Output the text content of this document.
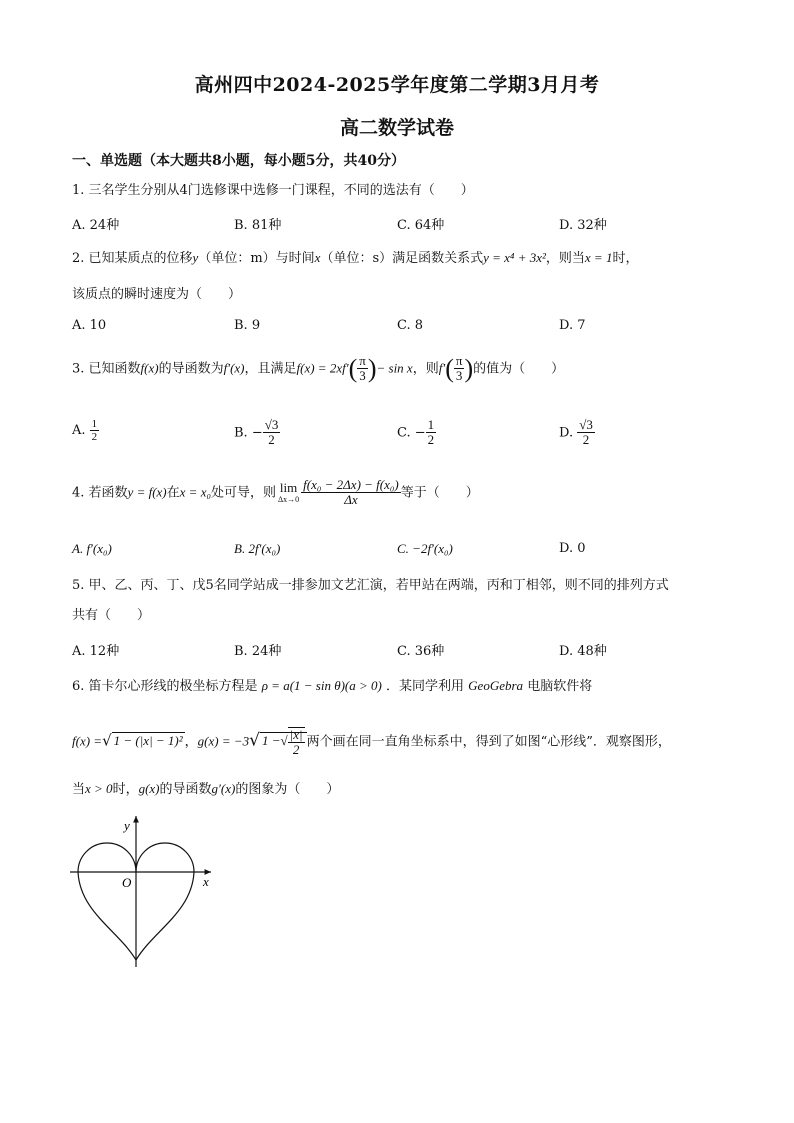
高州四中2024-2025学年度第二学期3月月考
高二数学试卷
一、单选题（本大题共8小题，每小题5分，共40分）
1. 三名学生分别从4门选修课中选修一门课程，不同的选法有（　　）
A. 24种	B. 81种	C. 64种	D. 32种
2. 已知某质点的位移y（单位：m）与时间x（单位：s）满足函数关系式y = x⁴ + 3x²，则当x = 1时，
该质点的瞬时速度为（　　）
A. 10	B. 9	C. 8	D. 7
3. 已知函数f(x)的导函数为f′(x)，且满足$f(x) = 2xf'( \frac{\pi}{3}$ )− sin x，则$f'( \frac{\pi}{3}$ )的值为（　　）
A. $\frac{1}{2}$	B. − $\frac{√3}{2}$	C. − $\frac{1}{2}$	D. $\frac{√3}{2}$
4. 若函数y = f(x)在x = x₀处可导，则 lim
$\Delta x\to 0 \frac{\text{f(x₀ − 2Δx) − f(x₀)}}{\Delta x}$ 等于（　　）
A. f′(x₀)	B. 2f′(x₀)	C. −2f′(x₀)	D. 0
5. 甲、乙、丙、丁、戊5名同学站成一排参加文艺汇演，若甲站在两端，丙和丁相邻，则不同的排列方式
共有（　　）
A. 12种	B. 24种	C. 36种	D. 48种
6. 笛卡尔心形线的极坐标方程是 ρ = a(1 − sin θ)(a > 0) ．某同学利用 GeoGebra 电脑软件将
f(x) =√ 1 − (|x| − 1)² ，g(x) = −3√ 1 −√ $\frac{|x|}{2}$ 两个画在同一直角坐标系中，得到了如图“心形线”．观察图形，
当x > 0时，g(x)的导函数g′(x)的图象为（　　）
x
y
O
